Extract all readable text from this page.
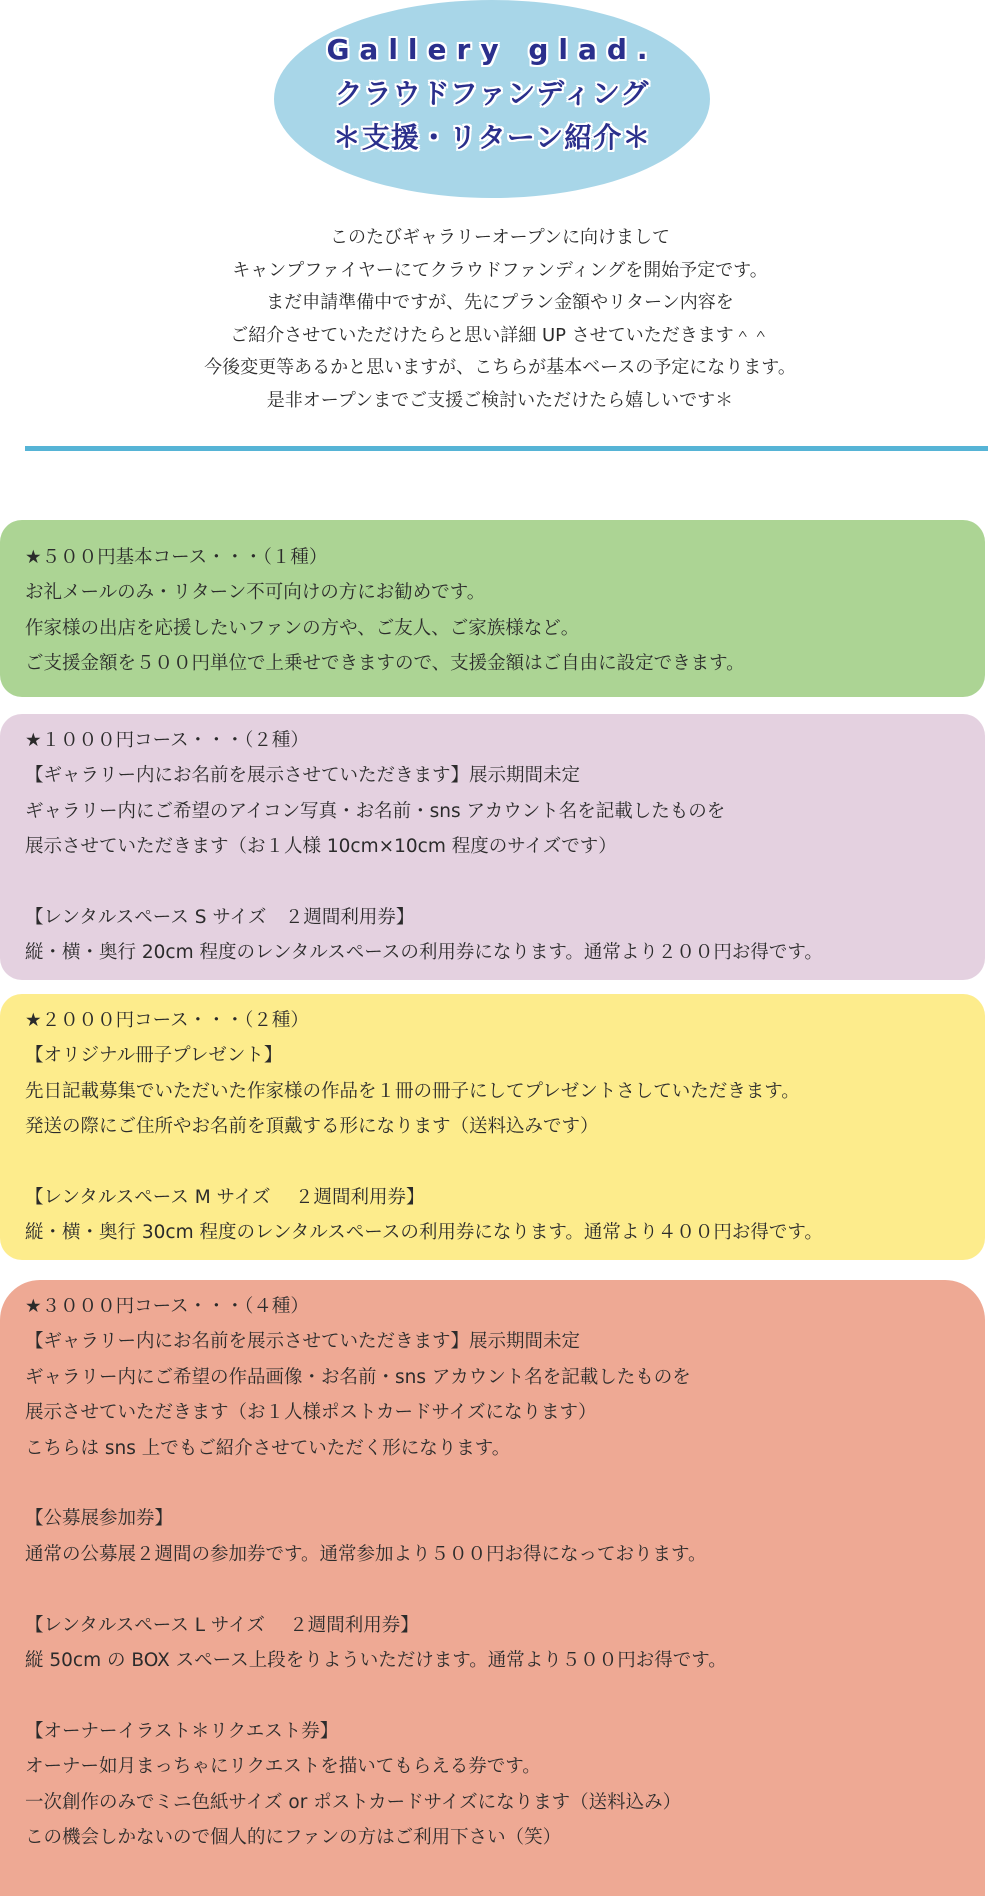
Gallery glad.
クラウドファンディング
＊支援・リターン紹介＊
このたびギャラリーオープンに向けまして
キャンプファイヤーにてクラウドファンディングを開始予定です。
まだ申請準備中ですが、先にプラン金額やリターン内容を
ご紹介させていただけたらと思い詳細 UP させていただきます＾＾
今後変更等あるかと思いますが、こちらが基本ベースの予定になります。
是非オープンまでご支援ご検討いただけたら嬉しいです＊
★５００円基本コース・・・（１種）
お礼メールのみ・リターン不可向けの方にお勧めです。
作家様の出店を応援したいファンの方や、ご友人、ご家族様など。
ご支援金額を５００円単位で上乗せできますので、支援金額はご自由に設定できます。
★１０００円コース・・・（２種）
【ギャラリー内にお名前を展示させていただきます】展示期間未定
ギャラリー内にご希望のアイコン写真・お名前・sns アカウント名を記載したものを
展示させていただきます（お１人様 10cm×10cm 程度のサイズです）
【レンタルスペース S サイズ　２週間利用券】
縦・横・奥行 20cm 程度のレンタルスペースの利用券になります。通常より２００円お得です。
★２０００円コース・・・（２種）
【オリジナル冊子プレゼント】
先日記載募集でいただいた作家様の作品を１冊の冊子にしてプレゼントさしていただきます。
発送の際にご住所やお名前を頂戴する形になります（送料込みです）
【レンタルスペース M サイズ　 ２週間利用券】
縦・横・奥行 30cm 程度のレンタルスペースの利用券になります。通常より４００円お得です。
★３０００円コース・・・（４種）
【ギャラリー内にお名前を展示させていただきます】展示期間未定
ギャラリー内にご希望の作品画像・お名前・sns アカウント名を記載したものを
展示させていただきます（お１人様ポストカードサイズになります）
こちらは sns 上でもご紹介させていただく形になります。
【公募展参加券】
通常の公募展２週間の参加券です。通常参加より５００円お得になっております。
【レンタルスペース L サイズ　 ２週間利用券】
縦 50cm の BOX スペース上段をりよういただけます。通常より５００円お得です。
【オーナーイラスト＊リクエスト券】
オーナー如月まっちゃにリクエストを描いてもらえる券です。
一次創作のみでミニ色紙サイズ or ポストカードサイズになります（送料込み）
この機会しかないので個人的にファンの方はご利用下さい（笑）
